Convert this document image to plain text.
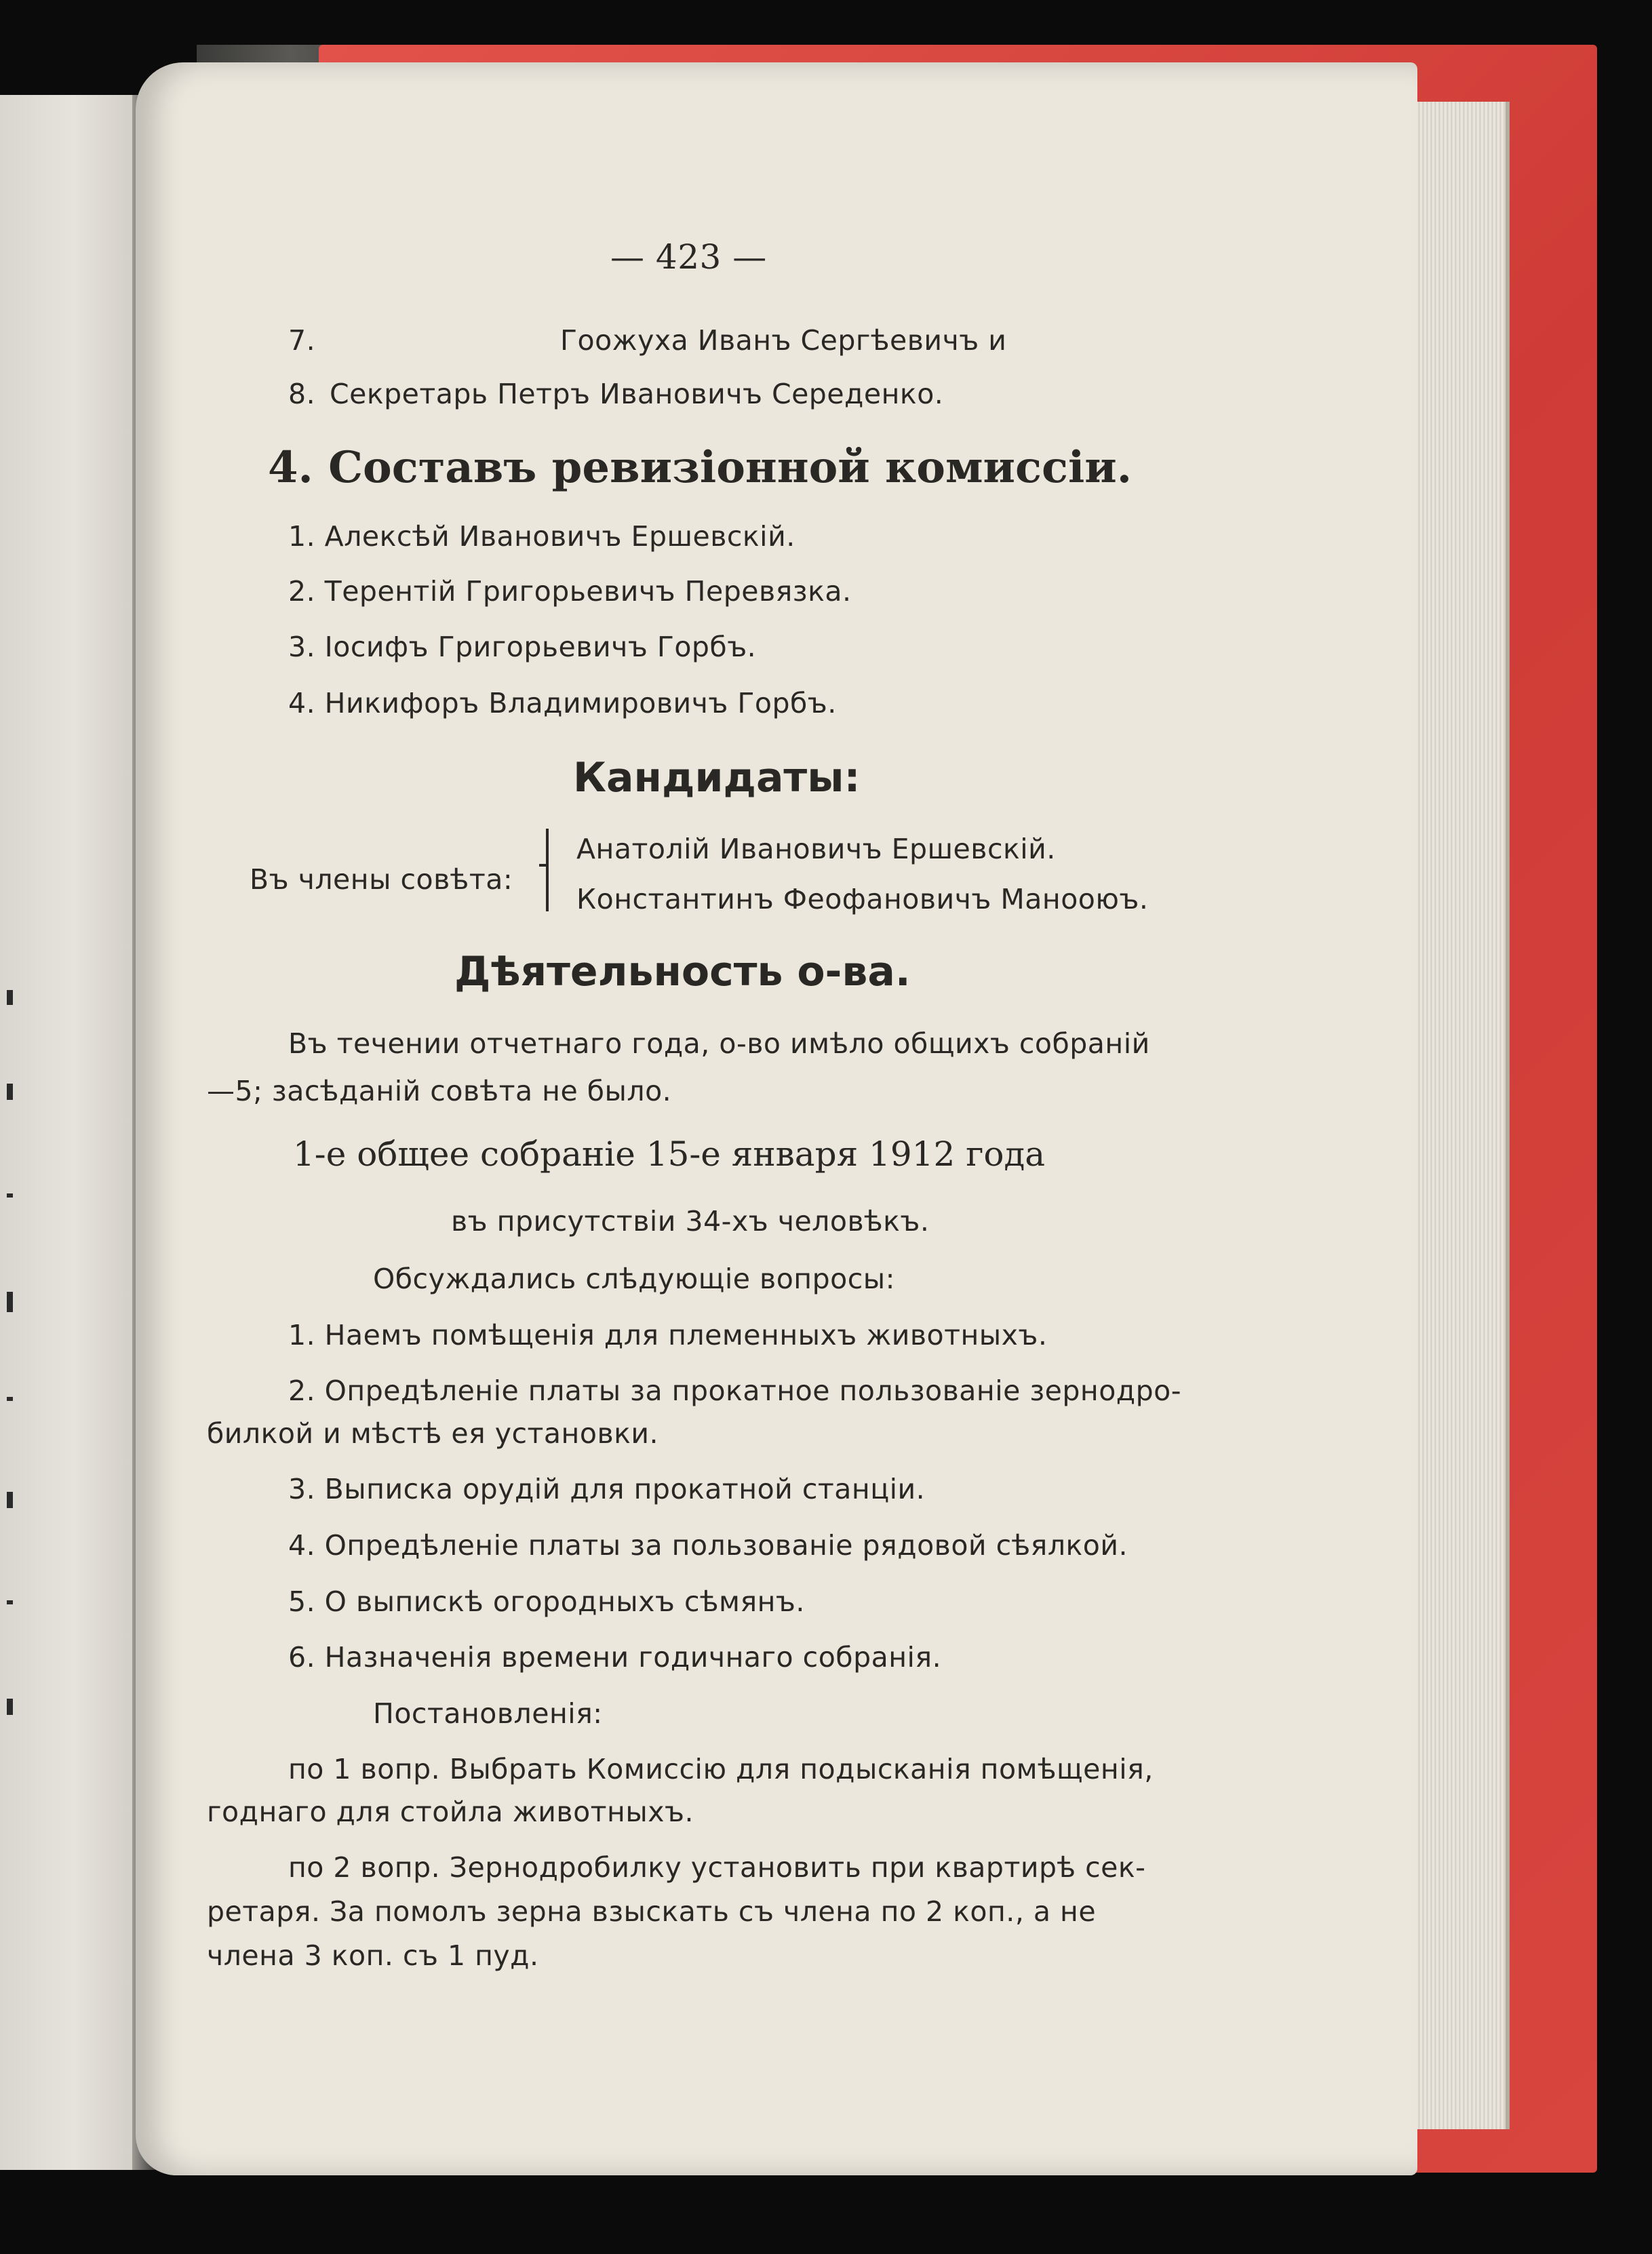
— 423 —
7.	Гоожуха Иванъ Сергѣевичъ и
8. Секретарь Петръ Ивановичъ Середенко.
4. Составъ ревизiонной комиссiи.
1. Алексѣй Ивановичъ Ершевскiй.
2. Терентiй Григорьевичъ Перевязка.
3. Iосифъ Григорьевичъ Горбъ.
4. Никифоръ Владимировичъ Горбъ.
Кандидаты:
Въ члены совѣта:
Анатолiй Ивановичъ Ершевскiй.
Константинъ Феофановичъ Манооюъ.
Дѣятельность о-ва.
Въ течении отчетнаго года, о-во имѣло общихъ собранiй
—5; засѣданiй совѣта не было.
1-е общее собранiе 15-е января 1912 года
въ присутствiи 34-хъ человѣкъ.
Обсуждались слѣдующiе вопросы:
1. Наемъ помѣщенiя для племенныхъ животныхъ.
2. Опредѣленiе платы за прокатное пользованiе зернодро-
билкой и мѣстѣ ея установки.
3. Выписка орудiй для прокатной станцiи.
4. Опредѣленiе платы за пользованiе рядовой сѣялкой.
5. О выпискѣ огородныхъ сѣмянъ.
6. Назначенiя времени годичнаго собранiя.
Постановленiя:
по 1 вопр. Выбрать Комиссiю для подысканiя помѣщенiя,
годнаго для стойла животныхъ.
по 2 вопр. Зернодробилку установить при квартирѣ сек-
ретаря. За помолъ зерна взыскать съ члена по 2 коп., а не
члена 3 коп. съ 1 пуд.
